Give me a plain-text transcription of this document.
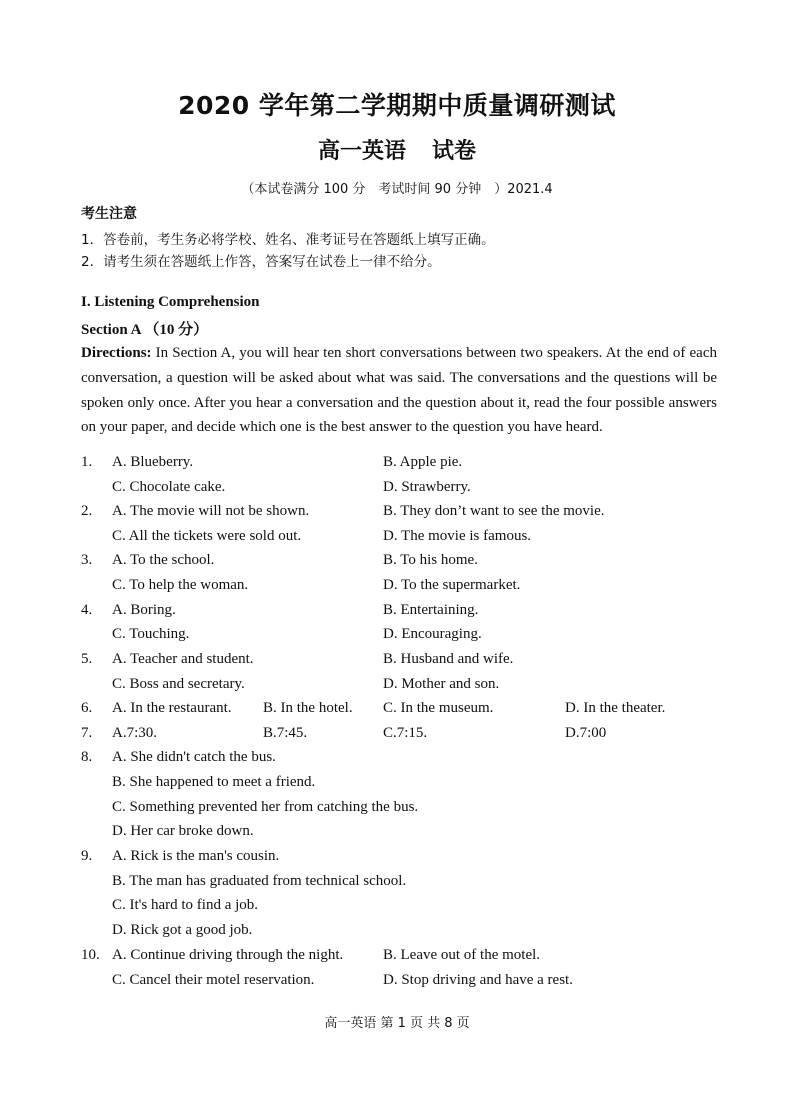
2020 学年第二学期期中质量调研测试
高一英语 试卷
（本试卷满分 100 分　考试时间 90 分钟　）2021.4
考生注意
1．答卷前，考生务必将学校、姓名、准考证号在答题纸上填写正确。
2．请考生须在答题纸上作答，答案写在试卷上一律不给分。
I. Listening Comprehension
Section A （10 分）
Directions: In Section A, you will hear ten short conversations between two speakers. At the end of each conversation, a question will be asked about what was said. The conversations and the questions will be spoken only once. After you hear a conversation and the question about it, read the four possible answers on your paper, and decide which one is the best answer to the question you have heard.
1. A. Blueberry.	B. Apple pie.
C. Chocolate cake.	D. Strawberry.
2. A. The movie will not be shown.	B. They don’t want to see the movie.
C. All the tickets were sold out.	D. The movie is famous.
3. A. To the school.	B. To his home.
C. To help the woman.	D. To the supermarket.
4. A. Boring.	B. Entertaining.
C. Touching.	D. Encouraging.
5. A. Teacher and student.	B. Husband and wife.
C. Boss and secretary.	D. Mother and son.
6. A. In the restaurant. B. In the hotel. C. In the museum.	D. In the theater.
7. A.7:30.	B.7:45.	C.7:15.	D.7:00
8. A. She didn't catch the bus.
B. She happened to meet a friend.
C. Something prevented her from catching the bus.
D. Her car broke down.
9. A. Rick is the man's cousin.
B. The man has graduated from technical school.
C. It's hard to find a job.
D. Rick got a good job.
10. A. Continue driving through the night.	B. Leave out of the motel.
C. Cancel their motel reservation.	D. Stop driving and have a rest.
高一英语 第 1 页 共 8 页
